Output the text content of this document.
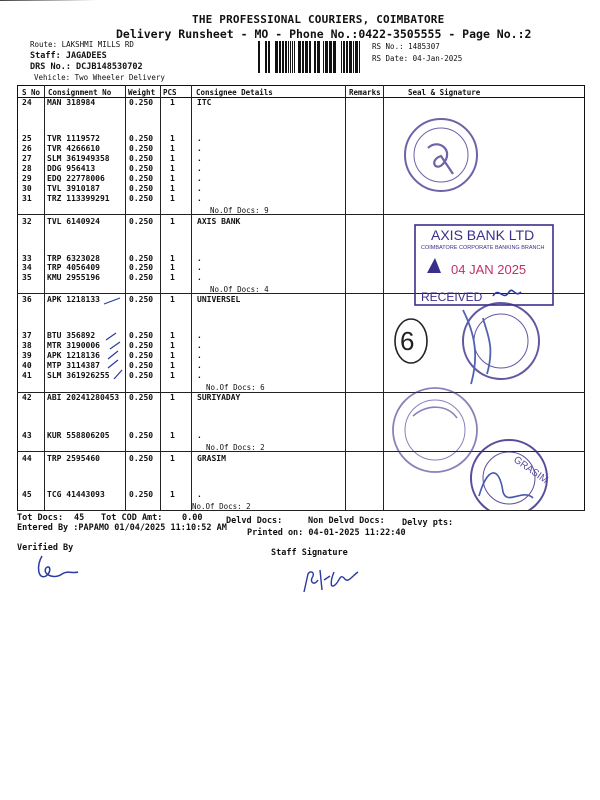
THE PROFESSIONAL COURIERS, COIMBATORE
Delivery Runsheet - MO - Phone No.:0422-3505555 - Page No.:2
Route: LAKSHMI MILLS RD
Staff: JAGADEES
DRS No.: DCJB148530702
Vehicle: Two Wheeler Delivery
RS No.: 1485307
RS Date: 04-Jan-2025
S No Consignment No Weight PCS	Consignee Details	Remarks	Seal & Signature
24 MAN 318984	0.250 1	ITC
25 TVR 1119572	0.250 1	.
26 TVR 4266610	0.250 1	.
27 SLM 361949358 0.250 1	.
28 DDG 956413	0.250 1	.
29 EDQ 22778006	0.250 1	.
30 TVL 3910187	0.250 1	.
31 TRZ 113399291 0.250 1	.
32 TVL 6140924	0.250 1	AXIS BANK
33 TRP 6323028	0.250 1	.
34 TRP 4056409	0.250 1	.
35 KMU 2955196	0.250 1	.
36 APK 1218133	0.250 1	UNIVERSEL
37 BTU 356892	0.250 1	.
38 MTR 3190006	0.250 1	.
39 APK 1218136	0.250 1	.
40 MTP 3114387	0.250 1	.
41 SLM 361926255 0.250 1	.
42 ABI 20241280453 0.250 1	SURIYADAY
43 KUR 558806205 0.250 1	.
44 TRP 2595460	0.250 1	GRASIM
45 TCG 41443093	0.250 1	.
No.Of Docs: 9
No.Of Docs: 4
No.Of Docs: 6
No.Of Docs: 2
No.Of Docs: 2
AXIS BANK LTD
COIMBATORE CORPORATE BANKING BRANCH
04 JAN 2025
RECEIVED
6
GRASIM
Tot Docs: 45 Tot COD Amt: 0.00	Delvd Docs:	Non Delvd Docs: Delvy pts:
Entered By :PAPAMO 01/04/2025 11:10:52 AM Printed on: 04-01-2025 11:22:40
Verified By	Staff Signature
